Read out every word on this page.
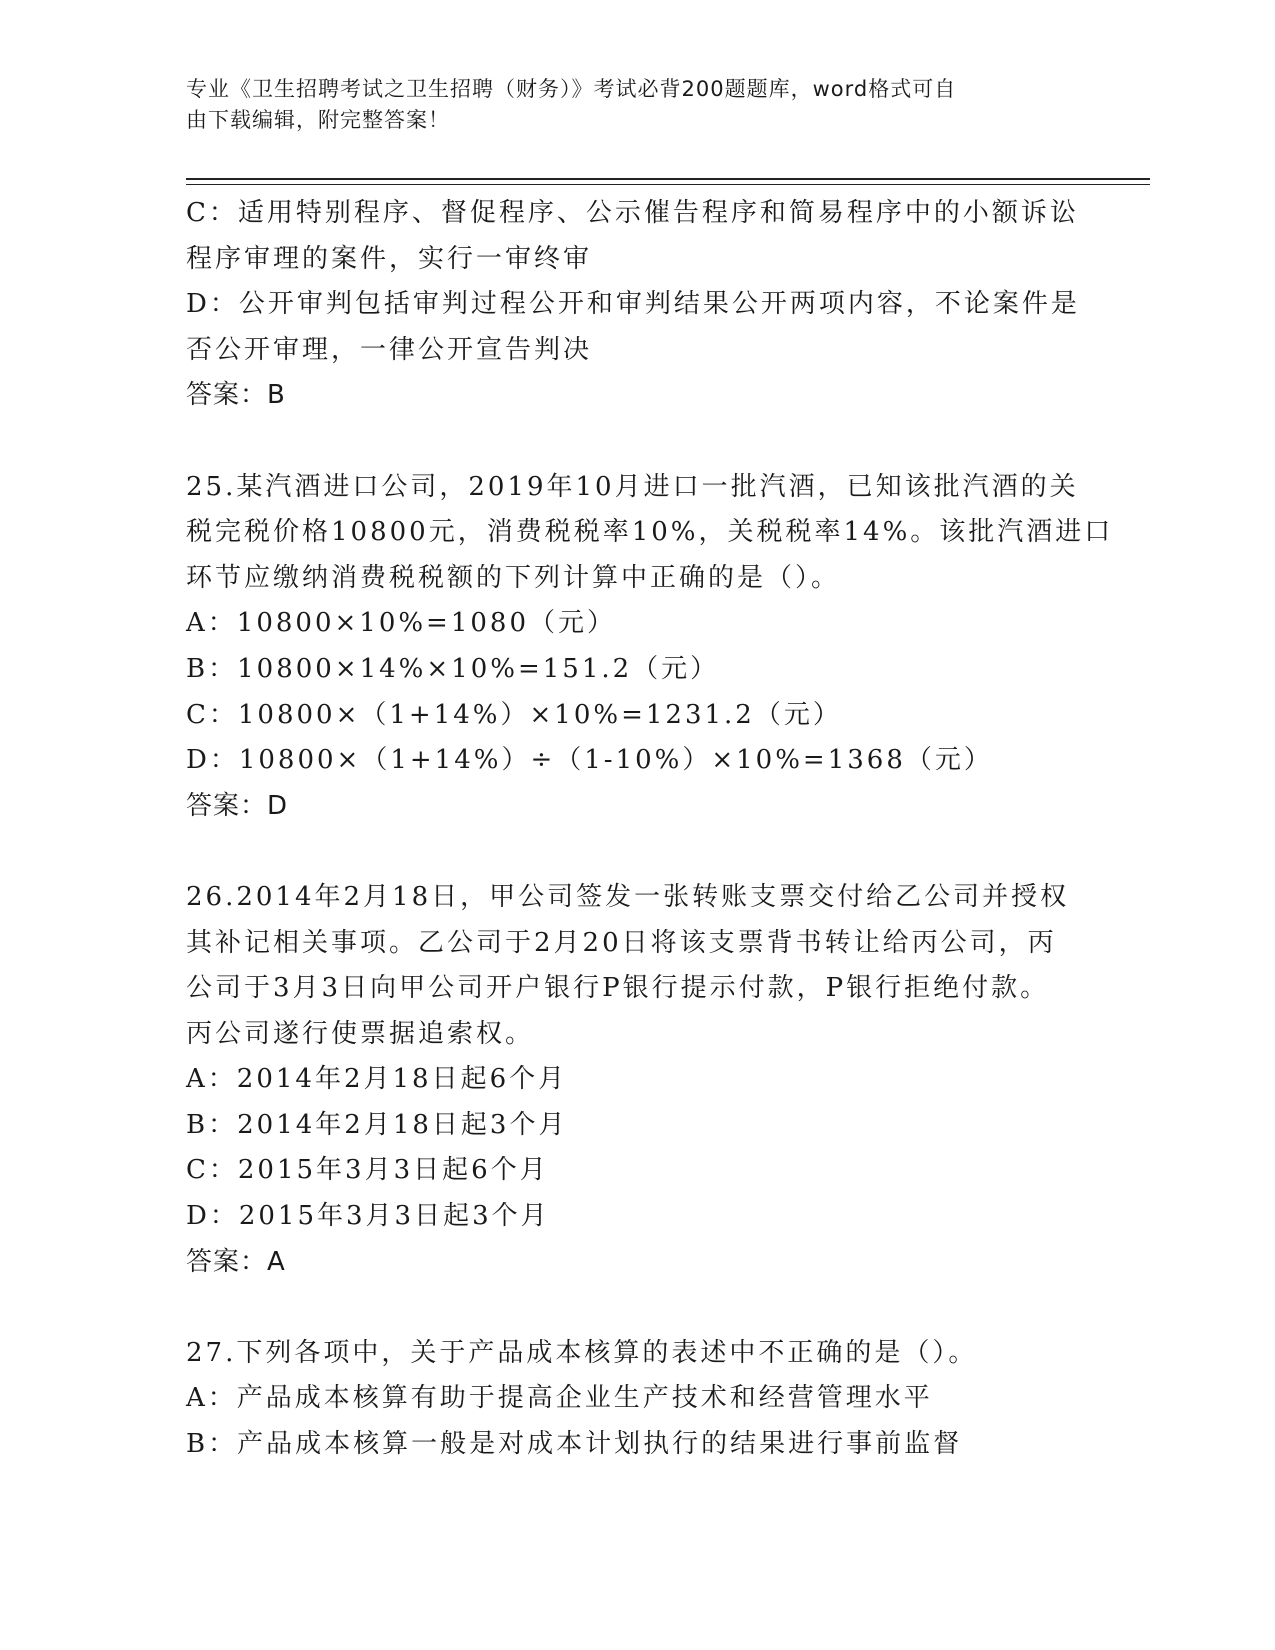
专业《卫生招聘考试之卫生招聘（财务）》考试必背200题题库，word格式可自
由下载编辑，附完整答案！
C：适用特别程序、督促程序、公示催告程序和简易程序中的小额诉讼
程序审理的案件，实行一审终审
D：公开审判包括审判过程公开和审判结果公开两项内容，不论案件是
否公开审理，一律公开宣告判决
答案：B
25.某汽酒进口公司，2019年10月进口一批汽酒，已知该批汽酒的关
税完税价格10800元，消费税税率10%，关税税率14%。该批汽酒进口
环节应缴纳消费税税额的下列计算中正确的是（）。
A：10800×10%=1080（元）
B：10800×14%×10%=151.2（元）
C：10800×（1+14%）×10%=1231.2（元）
D：10800×（1+14%）÷（1-10%）×10%=1368（元）
答案：D
26.2014年2月18日，甲公司签发一张转账支票交付给乙公司并授权
其补记相关事项。乙公司于2月20日将该支票背书转让给丙公司，丙
公司于3月3日向甲公司开户银行P银行提示付款，P银行拒绝付款。
丙公司遂行使票据追索权。
A：2014年2月18日起6个月
B：2014年2月18日起3个月
C：2015年3月3日起6个月
D：2015年3月3日起3个月
答案：A
27.下列各项中，关于产品成本核算的表述中不正确的是（）。
A：产品成本核算有助于提高企业生产技术和经营管理水平
B：产品成本核算一般是对成本计划执行的结果进行事前监督
